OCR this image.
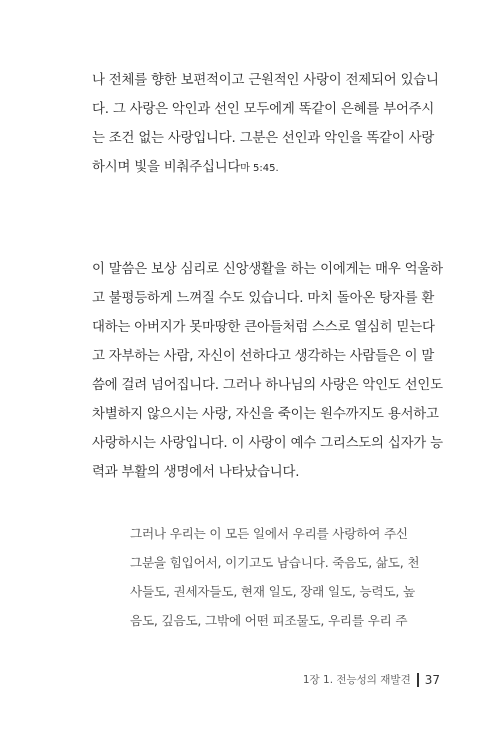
나 전체를 향한 보편적이고 근원적인 사랑이 전제되어 있습니
다. 그 사랑은 악인과 선인 모두에게 똑같이 은혜를 부어주시
는 조건 없는 사랑입니다. 그분은 선인과 악인을 똑같이 사랑
하시며 빛을 비춰주십니다마 5:45.
이 말씀은 보상 심리로 신앙생활을 하는 이에게는 매우 억울하
고 불평등하게 느껴질 수도 있습니다. 마치 돌아온 탕자를 환
대하는 아버지가 못마땅한 큰아들처럼 스스로 열심히 믿는다
고 자부하는 사람, 자신이 선하다고 생각하는 사람들은 이 말
씀에 걸려 넘어집니다. 그러나 하나님의 사랑은 악인도 선인도
차별하지 않으시는 사랑, 자신을 죽이는 원수까지도 용서하고
사랑하시는 사랑입니다. 이 사랑이 예수 그리스도의 십자가 능
력과 부활의 생명에서 나타났습니다.
그러나 우리는 이 모든 일에서 우리를 사랑하여 주신
그분을 힘입어서, 이기고도 남습니다. 죽음도, 삶도, 천
사들도, 권세자들도, 현재 일도, 장래 일도, 능력도, 높
음도, 깊음도, 그밖에 어떤 피조물도, 우리를 우리 주
1장 1. 전능성의 재발견 37
